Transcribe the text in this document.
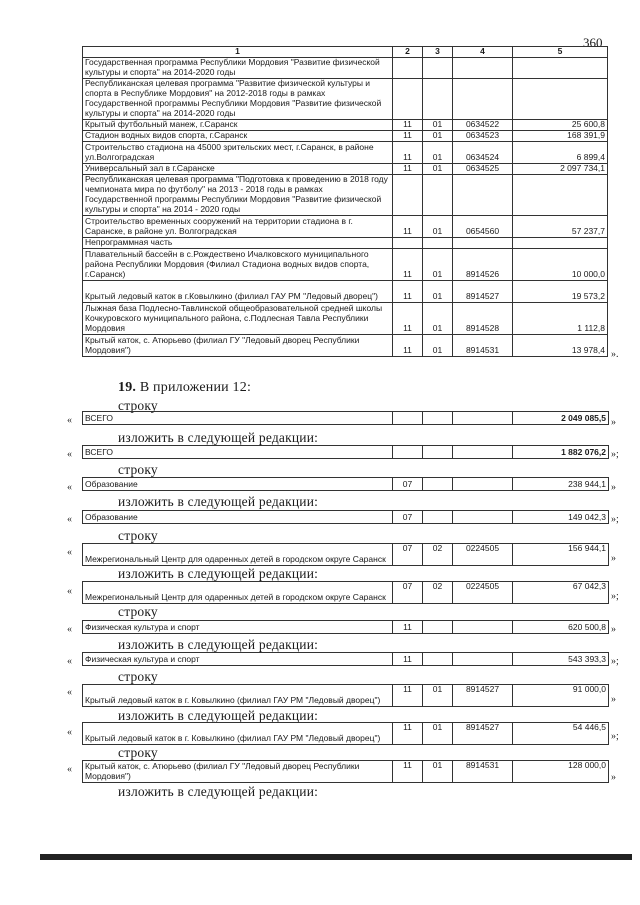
360
1	2	3	4	5
Государственная программа Республики Мордовия "Развитие физической культуры и спорта" на 2014-2020 годы				
Республиканская целевая программа "Развитие физической культуры и спорта в Республике Мордовия" на 2012-2018 годы в рамках Государственной программы Республики Мордовия "Развитие физической культуры и спорта" на 2014-2020 годы				
Крытый футбольный манеж, г.Саранск	11	01	0634522	25 600,8
Стадион водных видов спорта, г.Саранск	11	01	0634523	168 391,9
Строительство стадиона на 45000 зрительских мест, г.Саранск, в районе ул.Волгоградская	11	01	0634524	6 899,4
Универсальный зал в г.Саранске	11	01	0634525	2 097 734,1
Республиканская целевая программа "Подготовка к проведению в 2018 году чемпионата мира по футболу" на 2013 - 2018 годы в рамках Государственной программы Республики Мордовия "Развитие физической культуры и спорта" на 2014 - 2020 годы				
Строительство временных сооружений на территории стадиона в г. Саранске, в районе ул. Волгоградская	11	01	0654560	57 237,7
Непрограммная часть				
Плавательный бассейн в с.Рождествено Ичалковского муниципального района Республики Мордовия (Филиал Стадиона водных видов спорта, г.Саранск)	11	01	8914526	10 000,0
Крытый ледовый каток в г.Ковылкино (филиал ГАУ РМ "Ледовый дворец")	11	01	8914527	19 573,2
Лыжная база Подлесно-Тавлинской общеобразовательной средней школы Кочкуровского муниципального района, с.Подлесная Тавла Республики Мордовия	11	01	8914528	1 112,8
Крытый каток, с. Атюрьево (филиал ГУ "Ледовый дворец Республики Мордовия")	11	01	8914531	13 978,4 ».
19. В приложении 12:
строку
« ВСЕГО				2 049 085,5 »
изложить в следующей редакции:
« ВСЕГО				1 882 076,2 »;
строку
« Образование	07			238 944,1 »
изложить в следующей редакции:
« Образование	07			149 042,3 »;
строку
«
Межрегиональный Центр для одаренных детей в городском округе Саранск	07	02	0224505	156 944,1
»
изложить в следующей редакции:
«
Межрегиональный Центр для одаренных детей в городском округе Саранск	07	02	0224505	67 042,3
»;
строку
« Физическая культура и спорт	11			620 500,8 »
изложить в следующей редакции:
« Физическая культура и спорт	11			543 393,3 »;
строку
«
Крытый ледовый каток в г. Ковылкино (филиал ГАУ РМ "Ледовый дворец")	11	01	8914527	91 000,0
»
изложить в следующей редакции:
«
Крытый ледовый каток в г. Ковылкино (филиал ГАУ РМ "Ледовый дворец")	11	01	8914527	54 446,5
»;
строку
« Крытый каток, с. Атюрьево (филиал ГУ "Ледовый дворец Республики Мордовия")	11	01	8914531	128 000,0
»
изложить в следующей редакции:
